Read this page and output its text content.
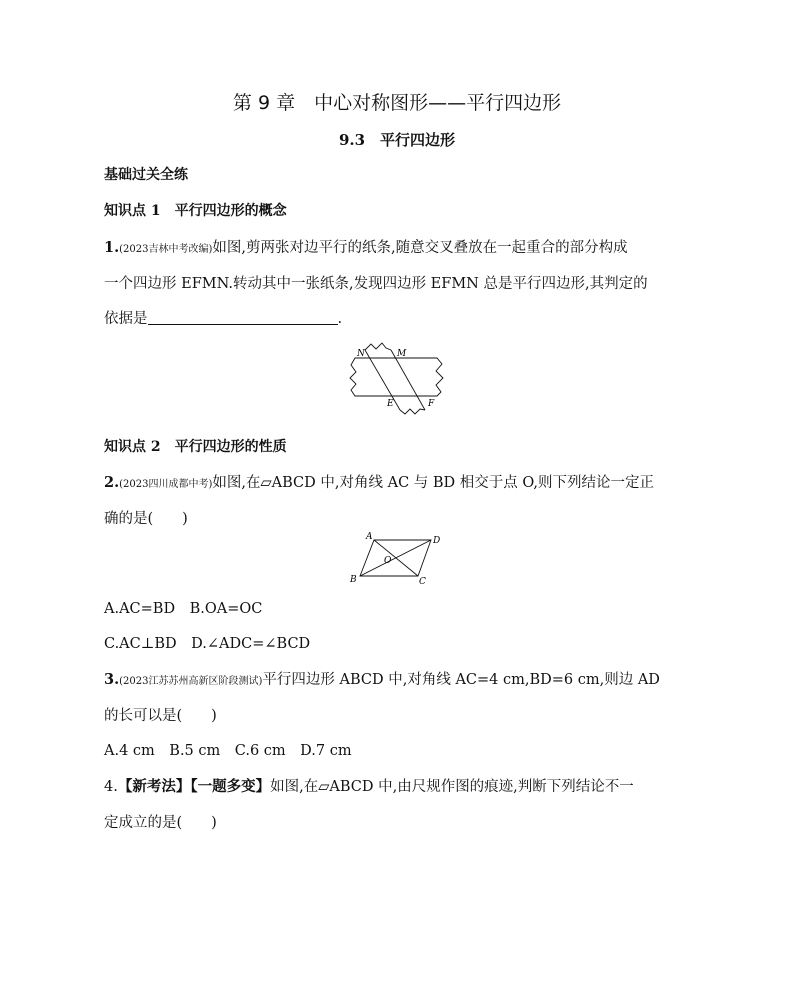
第 9 章　中心对称图形——平行四边形
9.3　平行四边形
基础过关全练
知识点 1　平行四边形的概念
1.(2023吉林中考改编)如图,剪两张对边平行的纸条,随意交叉叠放在一起重合的部分构成
一个四边形 EFMN.转动其中一张纸条,发现四边形 EFMN 总是平行四边形,其判定的
依据是	.
N	M
E	F
知识点 2　平行四边形的性质
2.(2023四川成都中考)如图,在▱ABCD 中,对角线 AC 与 BD 相交于点 O,则下列结论一定正
确的是(　　)
A	D
B	C
O
A.AC=BD　B.OA=OC
C.AC⊥BD　D.∠ADC=∠BCD
3.(2023江苏苏州高新区阶段测试)平行四边形 ABCD 中,对角线 AC=4 cm,BD=6 cm,则边 AD
的长可以是(　　)
A.4 cm　B.5 cm　C.6 cm　D.7 cm
4.【新考法】【一题多变】如图,在▱ABCD 中,由尺规作图的痕迹,判断下列结论不一
定成立的是(　　)
